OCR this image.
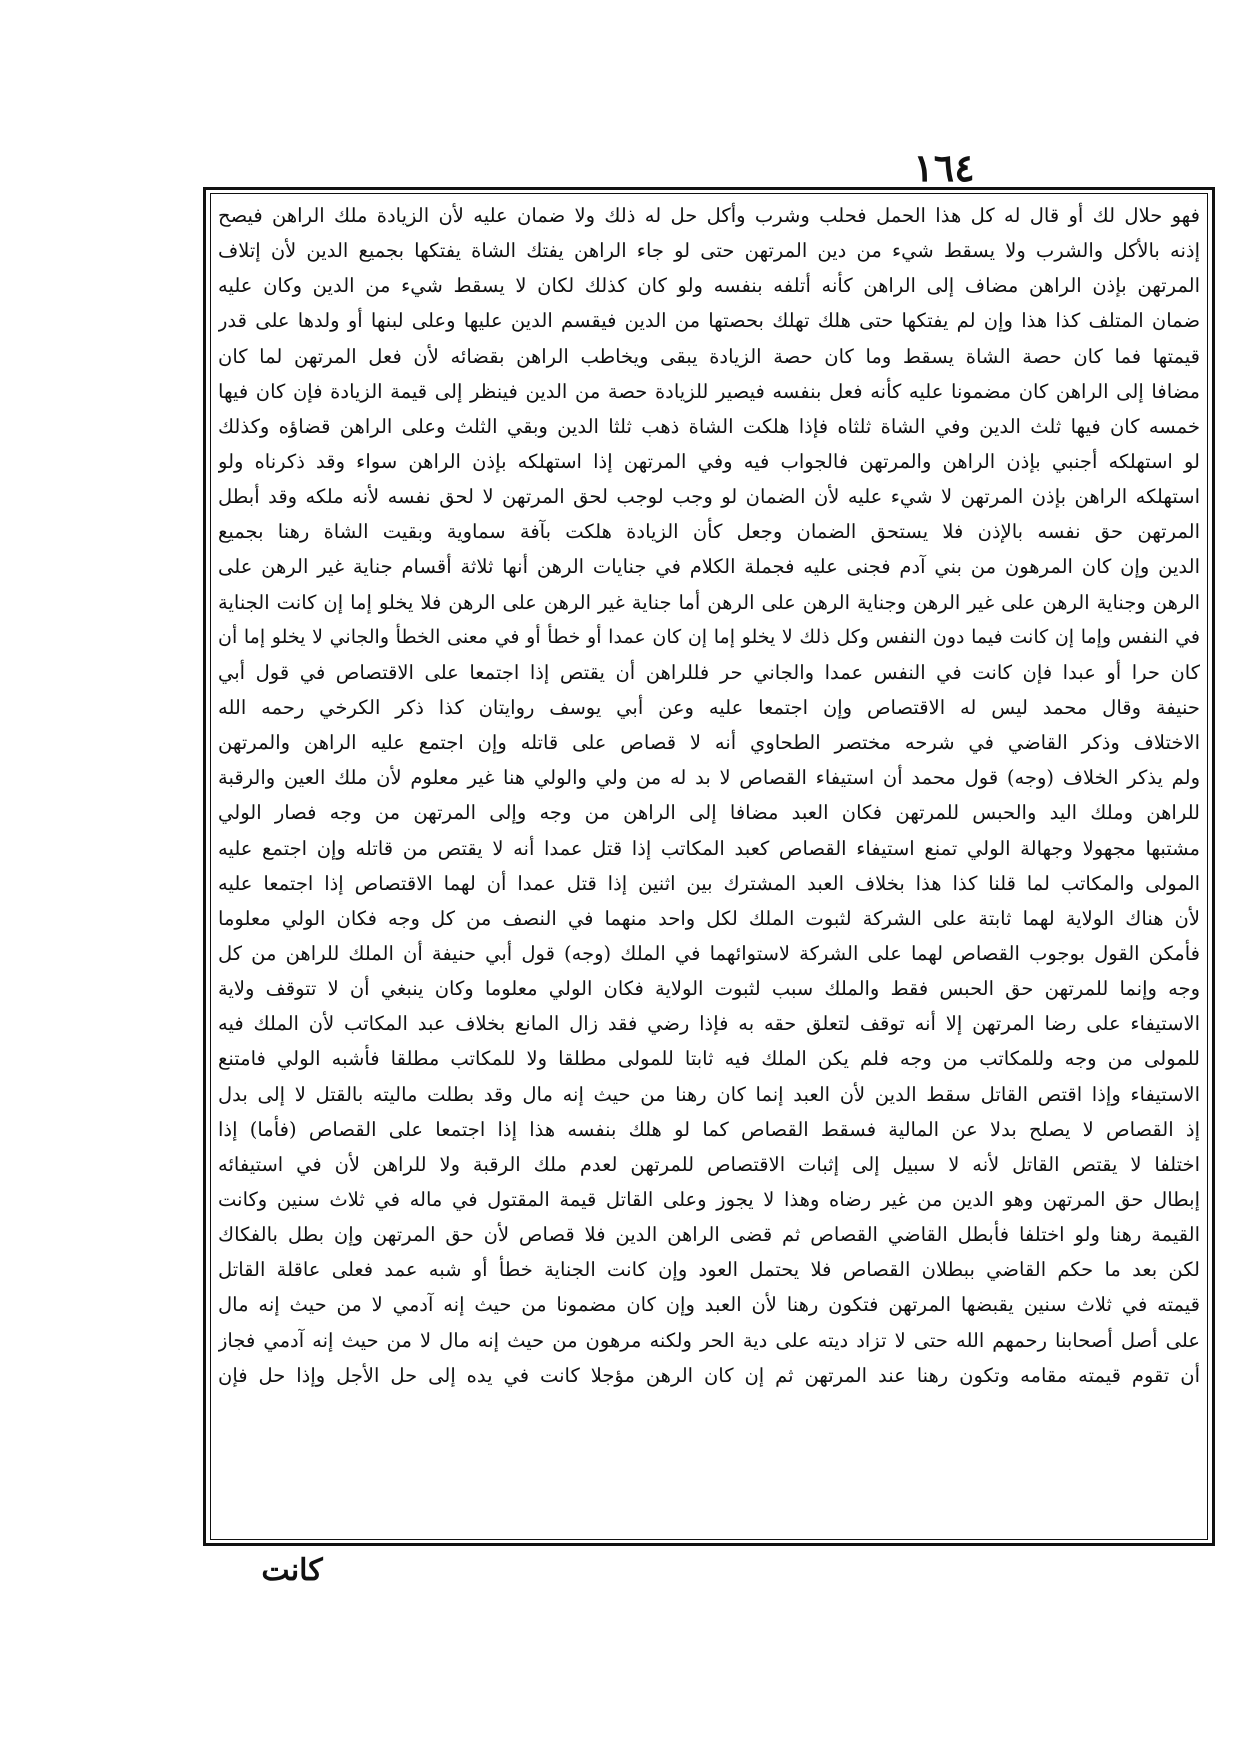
١٦٤
فهو حلال لك أو قال له كل هذا الحمل فحلب وشرب وأكل حل له ذلك ولا ضمان عليه لأن الزيادة ملك الراهن فيصح
إذنه بالأكل والشرب ولا يسقط شيء من دين المرتهن حتى لو جاء الراهن يفتك الشاة يفتكها بجميع الدين لأن إتلاف
المرتهن بإذن الراهن مضاف إلى الراهن كأنه أتلفه بنفسه ولو كان كذلك لكان لا يسقط شيء من الدين وكان عليه
ضمان المتلف كذا هذا وإن لم يفتكها حتى هلك تهلك بحصتها من الدين فيقسم الدين عليها وعلى لبنها أو ولدها على قدر
قيمتها فما كان حصة الشاة يسقط وما كان حصة الزيادة يبقى ويخاطب الراهن بقضائه لأن فعل المرتهن لما كان
مضافا إلى الراهن كان مضمونا عليه كأنه فعل بنفسه فيصير للزيادة حصة من الدين فينظر إلى قيمة الزيادة فإن كان فيها
خمسه كان فيها ثلث الدين وفي الشاة ثلثاه فإذا هلكت الشاة ذهب ثلثا الدين وبقي الثلث وعلى الراهن قضاؤه وكذلك
لو استهلكه أجنبي بإذن الراهن والمرتهن فالجواب فيه وفي المرتهن إذا استهلكه بإذن الراهن سواء وقد ذكرناه ولو
استهلكه الراهن بإذن المرتهن لا شيء عليه لأن الضمان لو وجب لوجب لحق المرتهن لا لحق نفسه لأنه ملكه وقد أبطل
المرتهن حق نفسه بالإذن فلا يستحق الضمان وجعل كأن الزيادة هلكت بآفة سماوية وبقيت الشاة رهنا بجميع
الدين وإن كان المرهون من بني آدم فجنى عليه فجملة الكلام في جنايات الرهن أنها ثلاثة أقسام جناية غير الرهن على
الرهن وجناية الرهن على غير الرهن وجناية الرهن على الرهن أما جناية غير الرهن على الرهن فلا يخلو إما إن كانت الجناية
في النفس وإما إن كانت فيما دون النفس وكل ذلك لا يخلو إما إن كان عمدا أو خطأ أو في معنى الخطأ والجاني لا يخلو إما أن
كان حرا أو عبدا فإن كانت في النفس عمدا والجاني حر فللراهن أن يقتص إذا اجتمعا على الاقتصاص في قول أبي
حنيفة وقال محمد ليس له الاقتصاص وإن اجتمعا عليه وعن أبي يوسف روايتان كذا ذكر الكرخي رحمه الله
الاختلاف وذكر القاضي في شرحه مختصر الطحاوي أنه لا قصاص على قاتله وإن اجتمع عليه الراهن والمرتهن
ولم يذكر الخلاف (وجه) قول محمد أن استيفاء القصاص لا بد له من ولي والولي هنا غير معلوم لأن ملك العين والرقبة
للراهن وملك اليد والحبس للمرتهن فكان العبد مضافا إلى الراهن من وجه وإلى المرتهن من وجه فصار الولي
مشتبها مجهولا وجهالة الولي تمنع استيفاء القصاص كعبد المكاتب إذا قتل عمدا أنه لا يقتص من قاتله وإن اجتمع عليه
المولى والمكاتب لما قلنا كذا هذا بخلاف العبد المشترك بين اثنين إذا قتل عمدا أن لهما الاقتصاص إذا اجتمعا عليه
لأن هناك الولاية لهما ثابتة على الشركة لثبوت الملك لكل واحد منهما في النصف من كل وجه فكان الولي معلوما
فأمكن القول بوجوب القصاص لهما على الشركة لاستوائهما في الملك (وجه) قول أبي حنيفة أن الملك للراهن من كل
وجه وإنما للمرتهن حق الحبس فقط والملك سبب لثبوت الولاية فكان الولي معلوما وكان ينبغي أن لا تتوقف ولاية
الاستيفاء على رضا المرتهن إلا أنه توقف لتعلق حقه به فإذا رضي فقد زال المانع بخلاف عبد المكاتب لأن الملك فيه
للمولى من وجه وللمكاتب من وجه فلم يكن الملك فيه ثابتا للمولى مطلقا ولا للمكاتب مطلقا فأشبه الولي فامتنع
الاستيفاء وإذا اقتص القاتل سقط الدين لأن العبد إنما كان رهنا من حيث إنه مال وقد بطلت ماليته بالقتل لا إلى بدل
إذ القصاص لا يصلح بدلا عن المالية فسقط القصاص كما لو هلك بنفسه هذا إذا اجتمعا على القصاص (فأما) إذا
اختلفا لا يقتص القاتل لأنه لا سبيل إلى إثبات الاقتصاص للمرتهن لعدم ملك الرقبة ولا للراهن لأن في استيفائه
إبطال حق المرتهن وهو الدين من غير رضاه وهذا لا يجوز وعلى القاتل قيمة المقتول في ماله في ثلاث سنين وكانت
القيمة رهنا ولو اختلفا فأبطل القاضي القصاص ثم قضى الراهن الدين فلا قصاص لأن حق المرتهن وإن بطل بالفكاك
لكن بعد ما حكم القاضي ببطلان القصاص فلا يحتمل العود وإن كانت الجناية خطأ أو شبه عمد فعلى عاقلة القاتل
قيمته في ثلاث سنين يقبضها المرتهن فتكون رهنا لأن العبد وإن كان مضمونا من حيث إنه آدمي لا من حيث إنه مال
على أصل أصحابنا رحمهم الله حتى لا تزاد ديته على دية الحر ولكنه مرهون من حيث إنه مال لا من حيث إنه آدمي فجاز
أن تقوم قيمته مقامه وتكون رهنا عند المرتهن ثم إن كان الرهن مؤجلا كانت في يده إلى حل الأجل وإذا حل فإن
كانت
